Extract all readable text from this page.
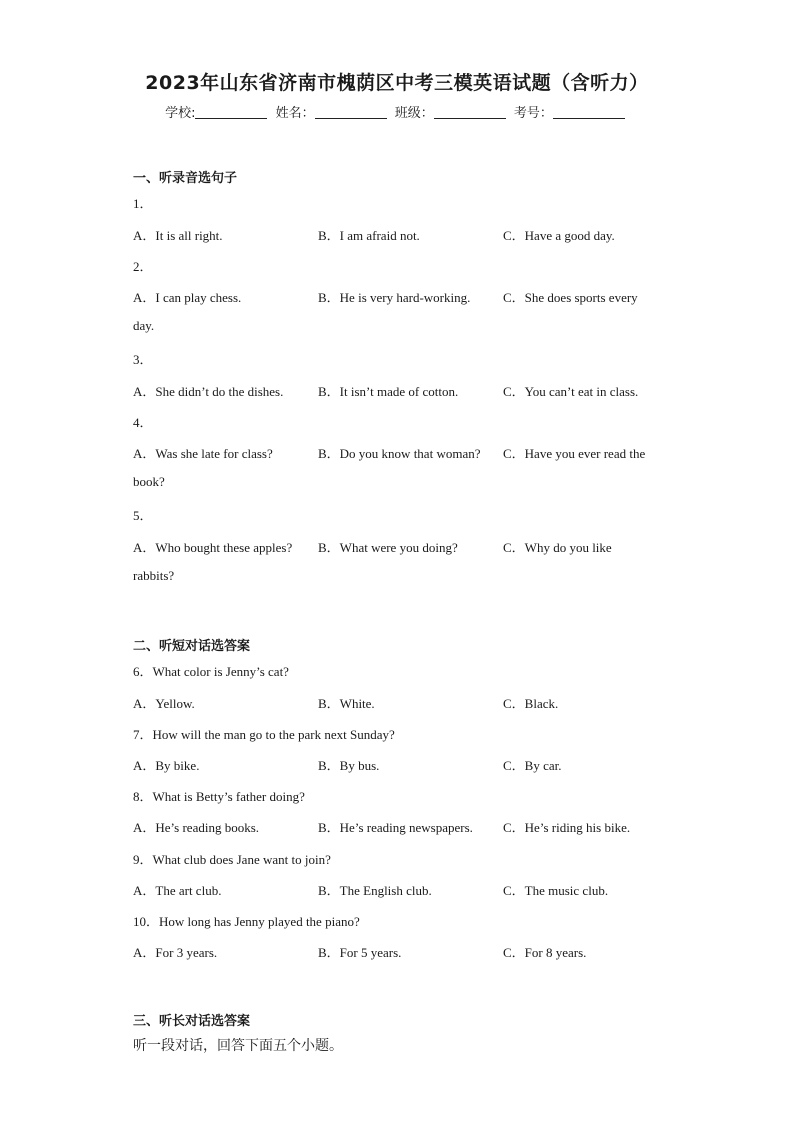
2023年山东省济南市槐荫区中考三模英语试题（含听力）
学校:	姓名：	班级：	考号：
一、听录音选句子
1．
A．It is all right.	B．I am afraid not.	C．Have a good day.
2．
A．I can play chess.	B．He is very hard-working.	C．She does sports every
day.
3．
A．She didn’t do the dishes.	B．It isn’t made of cotton.	C．You can’t eat in class.
4．
A．Was she late for class?	B．Do you know that woman? C．Have you ever read the
book?
5．
A．Who bought these apples? B．What were you doing?	C．Why do you like
rabbits?
二、听短对话选答案
6．What color is Jenny’s cat?
A．Yellow.	B．White.	C．Black.
7．How will the man go to the park next Sunday?
A．By bike.	B．By bus.	C．By car.
8．What is Betty’s father doing?
A．He’s reading books.	B．He’s reading newspapers. C．He’s riding his bike.
9．What club does Jane want to join?
A．The art club.	B．The English club.	C．The music club.
10．How long has Jenny played the piano?
A．For 3 years.	B．For 5 years.	C．For 8 years.
三、听长对话选答案
听一段对话，回答下面五个小题。
